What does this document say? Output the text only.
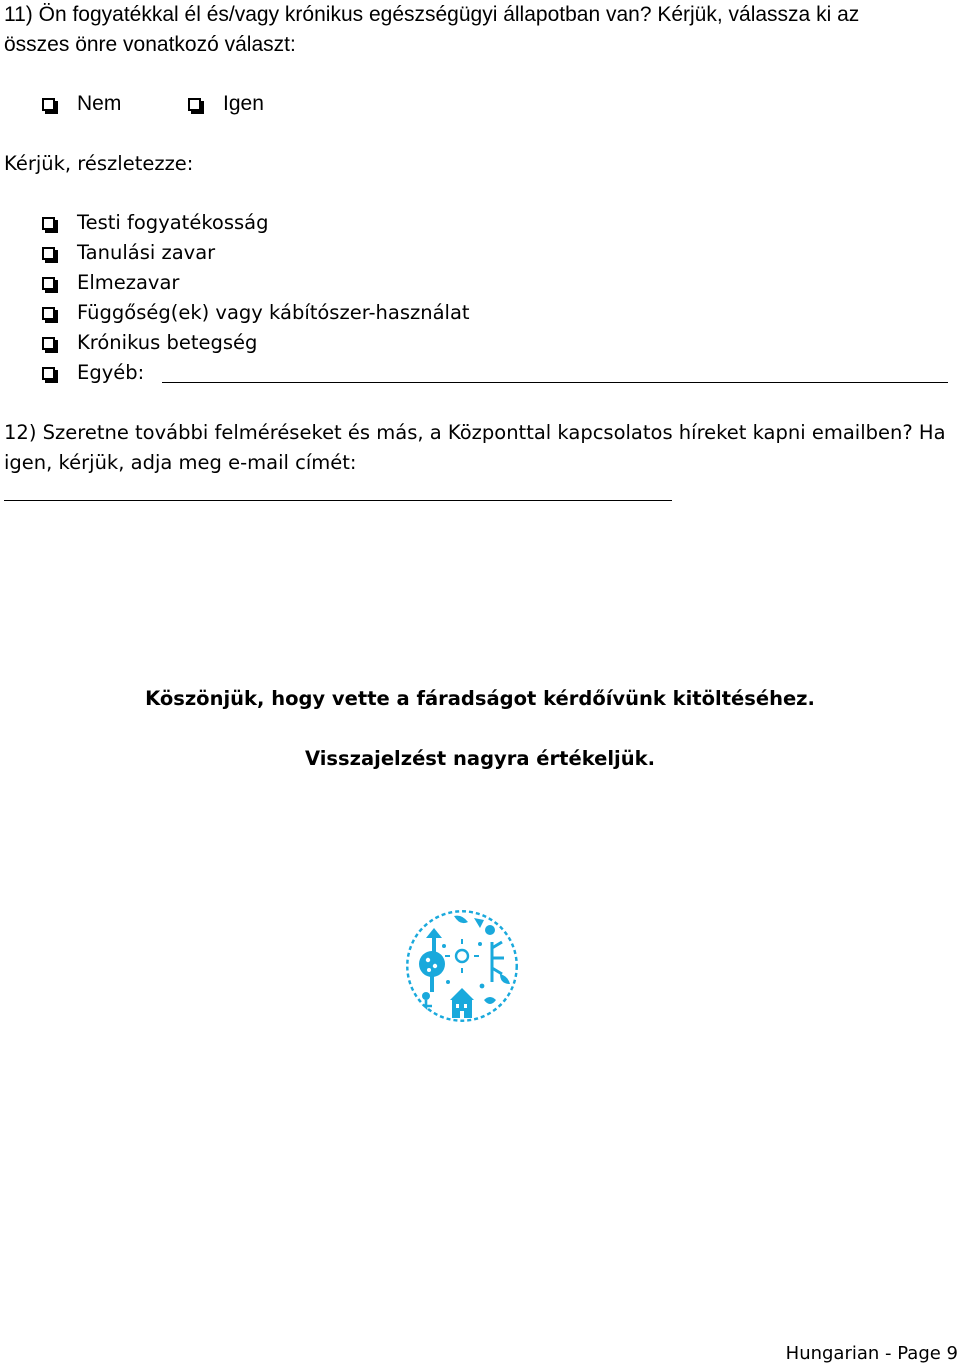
11) Ön fogyatékkal él és/vagy krónikus egészségügyi állapotban van? Kérjük, válassza ki az
összes önre vonatkozó választ:
Nem	Igen
Kérjük, részletezze:
Testi fogyatékosság
Tanulási zavar
Elmezavar
Függőség(ek) vagy kábítószer-használat
Krónikus betegség
Egyéb:
12) Szeretne további felméréseket és más, a Központtal kapcsolatos híreket kapni emailben? Ha
igen, kérjük, adja meg e-mail címét:
Köszönjük, hogy vette a fáradságot kérdőívünk kitöltéséhez.
Visszajelzést nagyra értékeljük.
Hungarian - Page 9
